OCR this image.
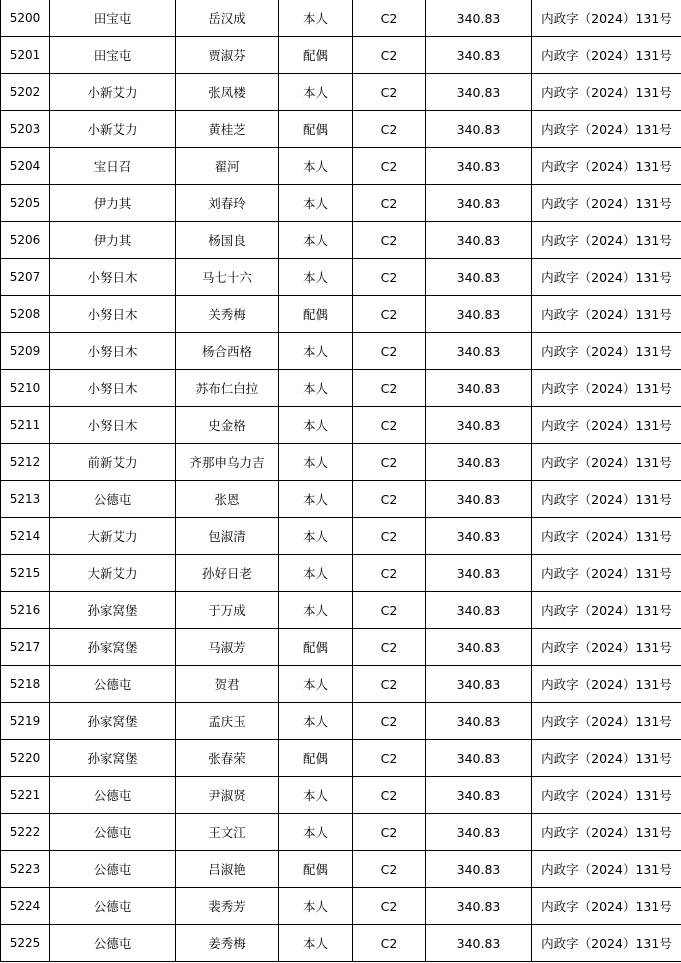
5200	田宝屯	岳汉成	本人	C2	340.83	内政字（2024）131号
5201	田宝屯	贾淑芬	配偶	C2	340.83	内政字（2024）131号
5202	小新艾力	张凤楼	本人	C2	340.83	内政字（2024）131号
5203	小新艾力	黄桂芝	配偶	C2	340.83	内政字（2024）131号
5204	宝日召	翟河	本人	C2	340.83	内政字（2024）131号
5205	伊力其	刘春玲	本人	C2	340.83	内政字（2024）131号
5206	伊力其	杨国良	本人	C2	340.83	内政字（2024）131号
5207	小努日木	马七十六	本人	C2	340.83	内政字（2024）131号
5208	小努日木	关秀梅	配偶	C2	340.83	内政字（2024）131号
5209	小努日木	杨合西格	本人	C2	340.83	内政字（2024）131号
5210	小努日木	苏布仁白拉	本人	C2	340.83	内政字（2024）131号
5211	小努日木	史金格	本人	C2	340.83	内政字（2024）131号
5212	前新艾力	齐那申乌力吉	本人	C2	340.83	内政字（2024）131号
5213	公德屯	张恩	本人	C2	340.83	内政字（2024）131号
5214	大新艾力	包淑清	本人	C2	340.83	内政字（2024）131号
5215	大新艾力	孙好日老	本人	C2	340.83	内政字（2024）131号
5216	孙家窝堡	于万成	本人	C2	340.83	内政字（2024）131号
5217	孙家窝堡	马淑芳	配偶	C2	340.83	内政字（2024）131号
5218	公德屯	贺君	本人	C2	340.83	内政字（2024）131号
5219	孙家窝堡	孟庆玉	本人	C2	340.83	内政字（2024）131号
5220	孙家窝堡	张春荣	配偶	C2	340.83	内政字（2024）131号
5221	公德屯	尹淑贤	本人	C2	340.83	内政字（2024）131号
5222	公德屯	王文江	本人	C2	340.83	内政字（2024）131号
5223	公德屯	吕淑艳	配偶	C2	340.83	内政字（2024）131号
5224	公德屯	裴秀芳	本人	C2	340.83	内政字（2024）131号
5225	公德屯	姜秀梅	本人	C2	340.83	内政字（2024）131号
